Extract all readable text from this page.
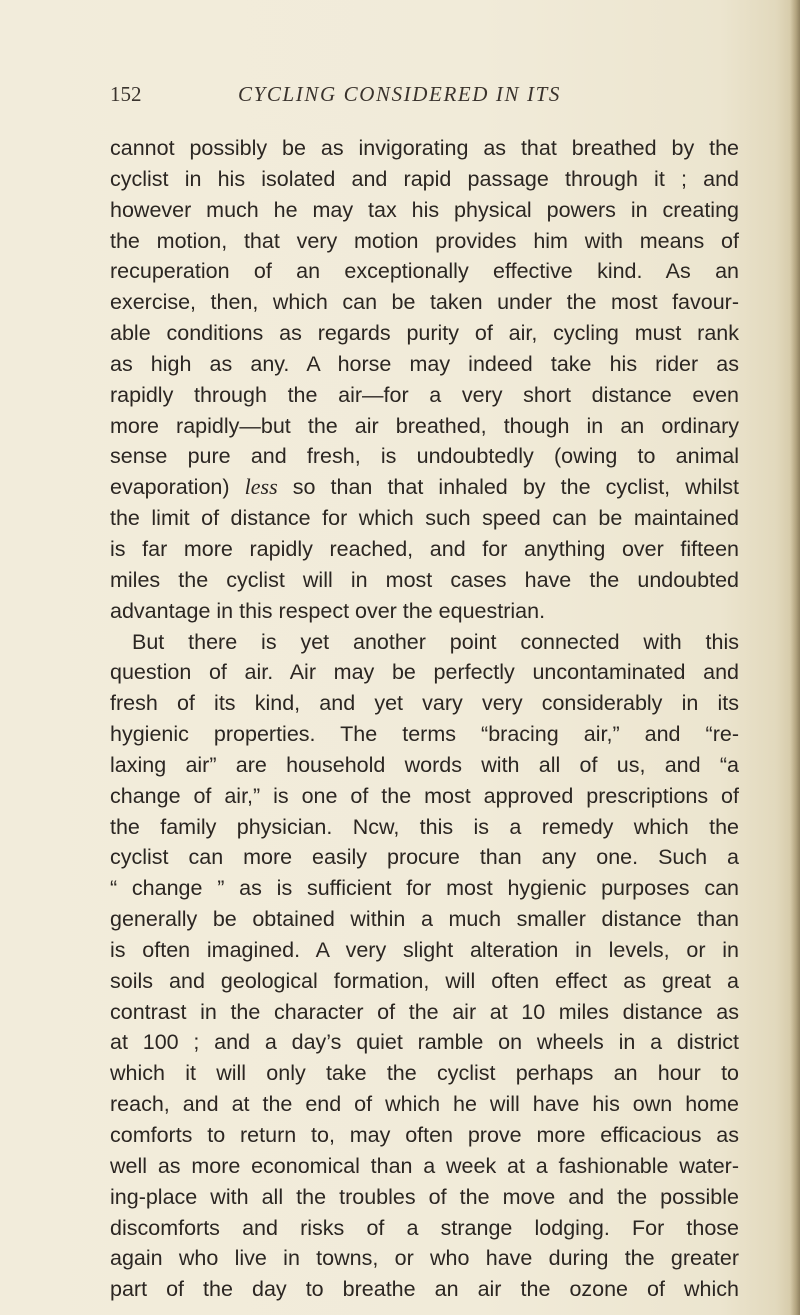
152	CYCLING CONSIDERED IN ITS
cannot possibly be as invigorating as that breathed by the
cyclist in his isolated and rapid passage through it ; and
however much he may tax his physical powers in creating
the motion, that very motion provides him with means of
recuperation of an exceptionally effective kind. As an
exercise, then, which can be taken under the most favour-
able conditions as regards purity of air, cycling must rank
as high as any. A horse may indeed take his rider as
rapidly through the air—for a very short distance even
more rapidly—but the air breathed, though in an ordinary
sense pure and fresh, is undoubtedly (owing to animal
evaporation) less so than that inhaled by the cyclist, whilst
the limit of distance for which such speed can be maintained
is far more rapidly reached, and for anything over fifteen
miles the cyclist will in most cases have the undoubted
advantage in this respect over the equestrian.
But there is yet another point connected with this
question of air. Air may be perfectly uncontaminated and
fresh of its kind, and yet vary very considerably in its
hygienic properties. The terms “bracing air,” and “re-
laxing air” are household words with all of us, and “a
change of air,” is one of the most approved prescriptions of
the family physician. Ncw, this is a remedy which the
cyclist can more easily procure than any one. Such a
“ change ” as is sufficient for most hygienic purposes can
generally be obtained within a much smaller distance than
is often imagined. A very slight alteration in levels, or in
soils and geological formation, will often effect as great a
contrast in the character of the air at 10 miles distance as
at 100 ; and a day’s quiet ramble on wheels in a district
which it will only take the cyclist perhaps an hour to
reach, and at the end of which he will have his own home
comforts to return to, may often prove more efficacious as
well as more economical than a week at a fashionable water-
ing-place with all the troubles of the move and the possible
discomforts and risks of a strange lodging. For those
again who live in towns, or who have during the greater
part of the day to breathe an air the ozone of which
